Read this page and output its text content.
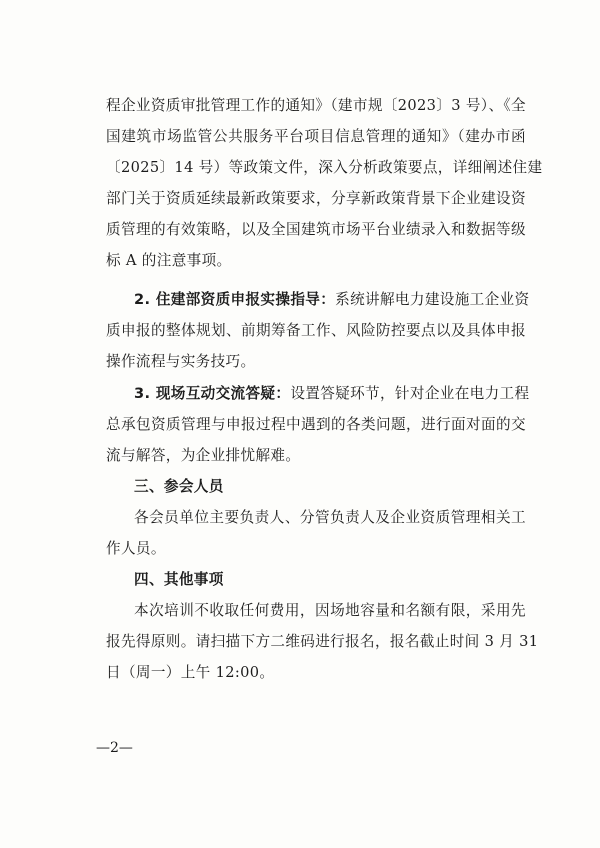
程企业资质审批管理工作的通知》（建市规〔2023〕3 号）、《全
国建筑市场监管公共服务平台项目信息管理的通知》（建办市函
〔2025〕14 号）等政策文件，深入分析政策要点，详细阐述住建
部门关于资质延续最新政策要求，分享新政策背景下企业建设资
质管理的有效策略，以及全国建筑市场平台业绩录入和数据等级
标 A 的注意事项。
2. 住建部资质申报实操指导：系统讲解电力建设施工企业资
质申报的整体规划、前期筹备工作、风险防控要点以及具体申报
操作流程与实务技巧。
3. 现场互动交流答疑：设置答疑环节，针对企业在电力工程
总承包资质管理与申报过程中遇到的各类问题，进行面对面的交
流与解答，为企业排忧解难。
三、参会人员
各会员单位主要负责人、分管负责人及企业资质管理相关工
作人员。
四、其他事项
本次培训不收取任何费用，因场地容量和名额有限，采用先
报先得原则。请扫描下方二维码进行报名，报名截止时间 3 月 31
日（周一）上午 12:00。
—2—
